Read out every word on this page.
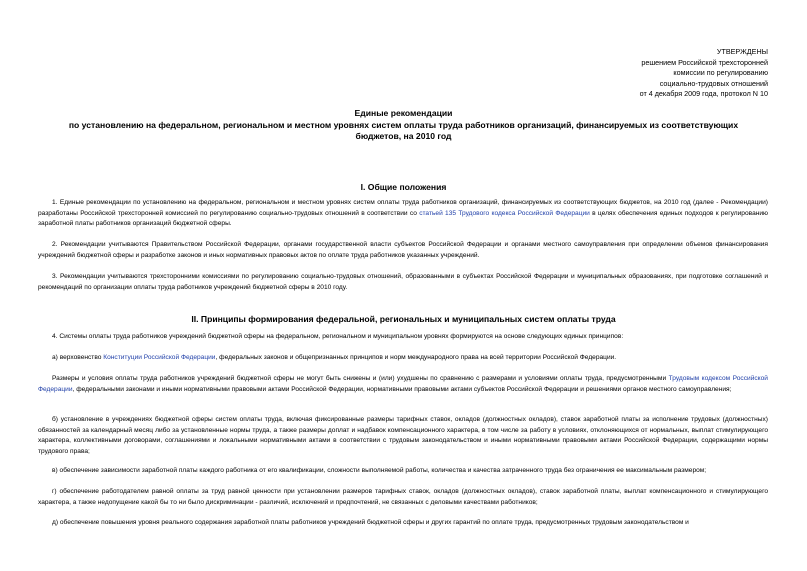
УТВЕРЖДЕНЫ
решением Российской трехсторонней
комиссии по регулированию
социально-трудовых отношений
от 4 декабря 2009 года, протокол N 10
Единые рекомендации
по установлению на федеральном, региональном и местном уровнях систем оплаты труда работников организаций, финансируемых из соответствующих
бюджетов, на 2010 год
I. Общие положения
1. Единые рекомендации по установлению на федеральном, региональном и местном уровнях систем оплаты труда работников организаций, финансируемых из соответствующих бюджетов, на 2010 год (далее - Рекомендации) разработаны Российской трехсторонней комиссией по регулированию социально-трудовых отношений в соответствии со статьей 135 Трудового кодекса Российской Федерации в целях обеспечения единых подходов к регулированию заработной платы работников организаций бюджетной сферы.
2. Рекомендации учитываются Правительством Российской Федерации, органами государственной власти субъектов Российской Федерации и органами местного самоуправления при определении объемов финансирования учреждений бюджетной сферы и разработке законов и иных нормативных правовых актов по оплате труда работников указанных учреждений.
3. Рекомендации учитываются трехсторонними комиссиями по регулированию социально-трудовых отношений, образованными в субъектах Российской Федерации и муниципальных образованиях, при подготовке соглашений и рекомендаций по организации оплаты труда работников учреждений бюджетной сферы в 2010 году.
II. Принципы формирования федеральной, региональных и муниципальных систем оплаты труда
4. Системы оплаты труда работников учреждений бюджетной сферы на федеральном, региональном и муниципальном уровнях формируются на основе следующих единых принципов:
а) верховенство Конституции Российской Федерации, федеральных законов и общепризнанных принципов и норм международного права на всей территории Российской Федерации.
Размеры и условия оплаты труда работников учреждений бюджетной сферы не могут быть снижены и (или) ухудшены по сравнению с размерами и условиями оплаты труда, предусмотренными Трудовым кодексом Российской Федерации, федеральными законами и иными нормативными правовыми актами Российской Федерации, нормативными правовыми актами субъектов Российской Федерации и решениями органов местного самоуправления;
б) установление в учреждениях бюджетной сферы систем оплаты труда, включая фиксированные размеры тарифных ставок, окладов (должностных окладов), ставок заработной платы за исполнение трудовых (должностных) обязанностей за календарный месяц либо за установленные нормы труда, а также размеры доплат и надбавок компенсационного характера, в том числе за работу в условиях, отклоняющихся от нормальных, выплат стимулирующего характера, коллективными договорами, соглашениями и локальными нормативными актами в соответствии с трудовым законодательством и иными нормативными правовыми актами Российской Федерации, содержащими нормы трудового права;
в) обеспечение зависимости заработной платы каждого работника от его квалификации, сложности выполняемой работы, количества и качества затраченного труда без ограничения ее максимальным размером;
г) обеспечение работодателем равной оплаты за труд равной ценности при установлении размеров тарифных ставок, окладов (должностных окладов), ставок заработной платы, выплат компенсационного и стимулирующего характера, а также недопущение какой бы то ни было дискриминации - различий, исключений и предпочтений, не связанных с деловыми качествами работников;
д) обеспечение повышения уровня реального содержания заработной платы работников учреждений бюджетной сферы и других гарантий по оплате труда, предусмотренных трудовым законодательством и
